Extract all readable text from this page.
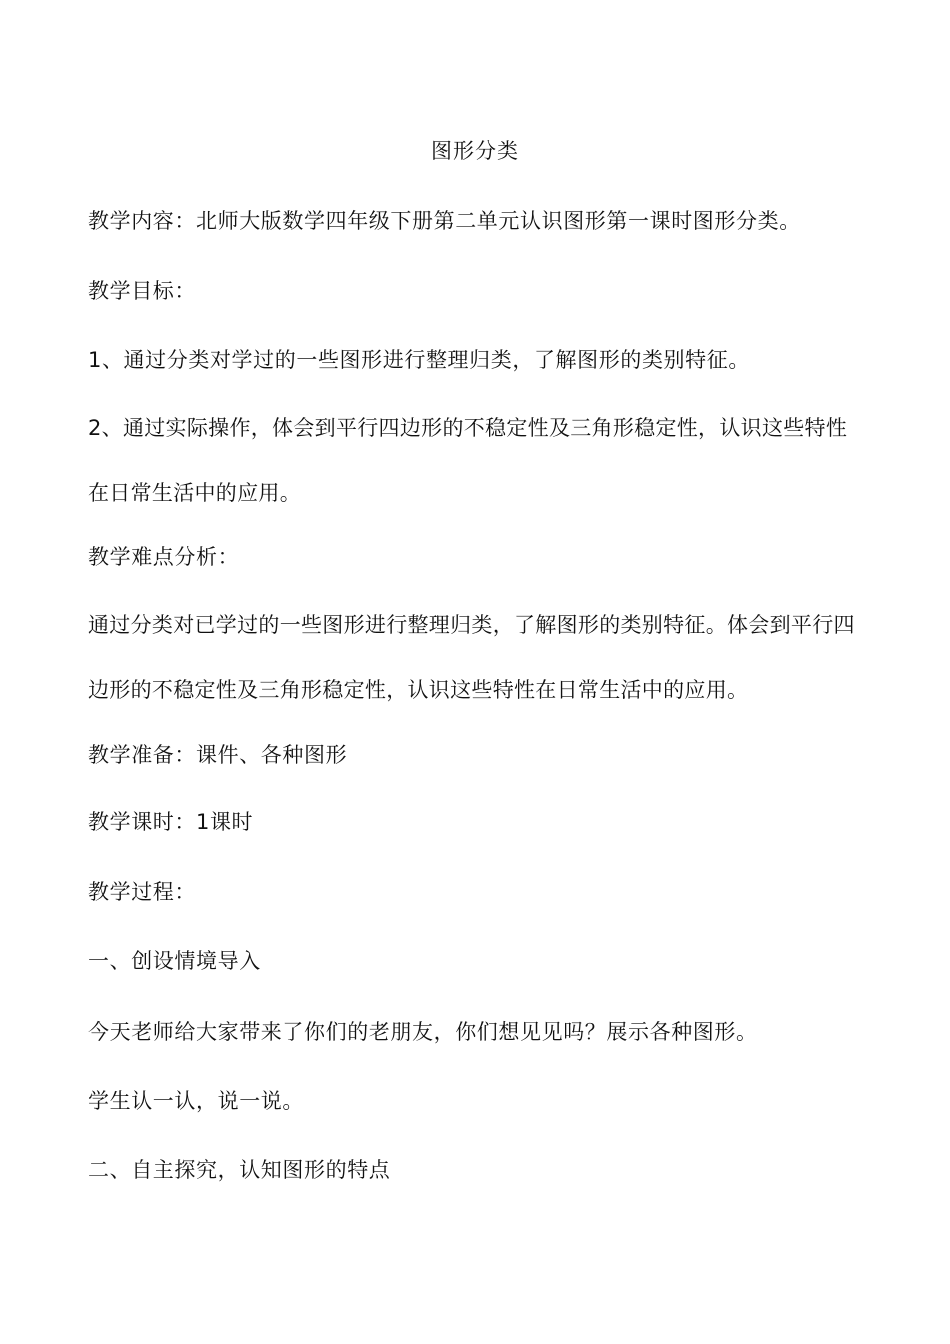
图形分类
教学内容：北师大版数学四年级下册第二单元认识图形第一课时图形分类。
教学目标：
1、通过分类对学过的一些图形进行整理归类，了解图形的类别特征。
2、通过实际操作，体会到平行四边形的不稳定性及三角形稳定性，认识这些特性在日常生活中的应用。
教学难点分析：
通过分类对已学过的一些图形进行整理归类，了解图形的类别特征。体会到平行四边形的不稳定性及三角形稳定性，认识这些特性在日常生活中的应用。
教学准备：课件、各种图形
教学课时：1课时
教学过程：
一、创设情境导入
今天老师给大家带来了你们的老朋友，你们想见见吗？展示各种图形。
学生认一认，说一说。
二、自主探究，认知图形的特点
